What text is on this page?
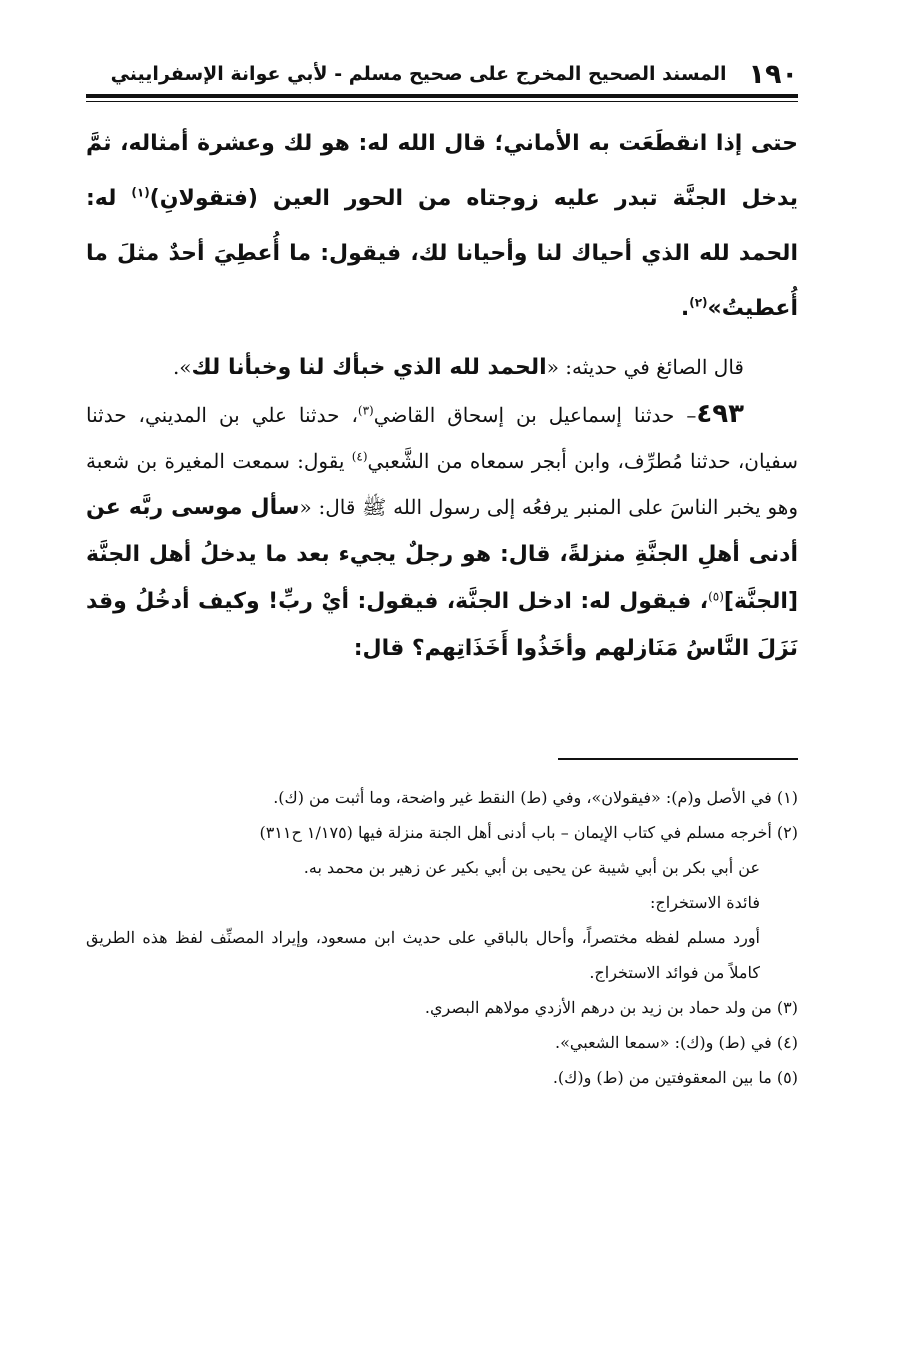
١٩٠
المسند الصحيح المخرج على صحيح مسلم - لأبي عوانة الإسفراييني

حتى إذا انقطَعَت به الأماني؛ قال الله له: هو لك وعشرة أمثاله، ثمَّ يدخل الجنَّة تبدر عليه زوجتاه من الحور العين (فتقولانِ)$^{(١)}$ له: الحمد لله الذي أحياك لنا وأحيانا لك، فيقول: ما أُعطِيَ أحدٌ مثلَ ما أُعطيتُ»$^{(٢)}$.

قال الصائغ في حديثه: «الحمد لله الذي خبأك لنا وخبأنا لك».

٤٩٣– حدثنا إسماعيل بن إسحاق القاضي$^{(٣)}$، حدثنا علي بن المديني، حدثنا سفيان، حدثنا مُطرِّف، وابن أبجر سمعاه من الشَّعبي$^{(٤)}$ يقول: سمعت المغيرة بن شعبة وهو يخبر الناسَ على المنبر يرفعُه إلى رسول الله ﷺ قال: «سأل موسى ربَّه عن أدنى أهلِ الجنَّةِ منزلةً، قال: هو رجلٌ يجيء بعد ما يدخلُ أهل الجنَّة [الجنَّة]$^{(٥)}$، فيقول له: ادخل الجنَّة، فيقول: أيْ ربِّ! وكيف أدخُلُ وقد نَزَلَ النَّاسُ مَنَازلهم وأخَذُوا أَخَذَاتِهم؟ قال:

(١) في الأصل و(م): «فيقولان»، وفي (ط) النقط غير واضحة، وما أثبت من (ك).

(٢) أخرجه مسلم في كتاب الإيمان – باب أدنى أهل الجنة منزلة فيها (١/١٧٥ ح٣١١)

عن أبي بكر بن أبي شيبة عن يحيى بن أبي بكير عن زهير بن محمد به.

فائدة الاستخراج:

أورد مسلم لفظه مختصراً، وأحال بالباقي على حديث ابن مسعود، وإيراد المصنِّف لفظ هذه الطريق كاملاً من فوائد الاستخراج.

(٣) من ولد حماد بن زيد بن درهم الأزدي مولاهم البصري.

(٤) في (ط) و(ك): «سمعا الشعبي».

(٥) ما بين المعقوفتين من (ط) و(ك).
